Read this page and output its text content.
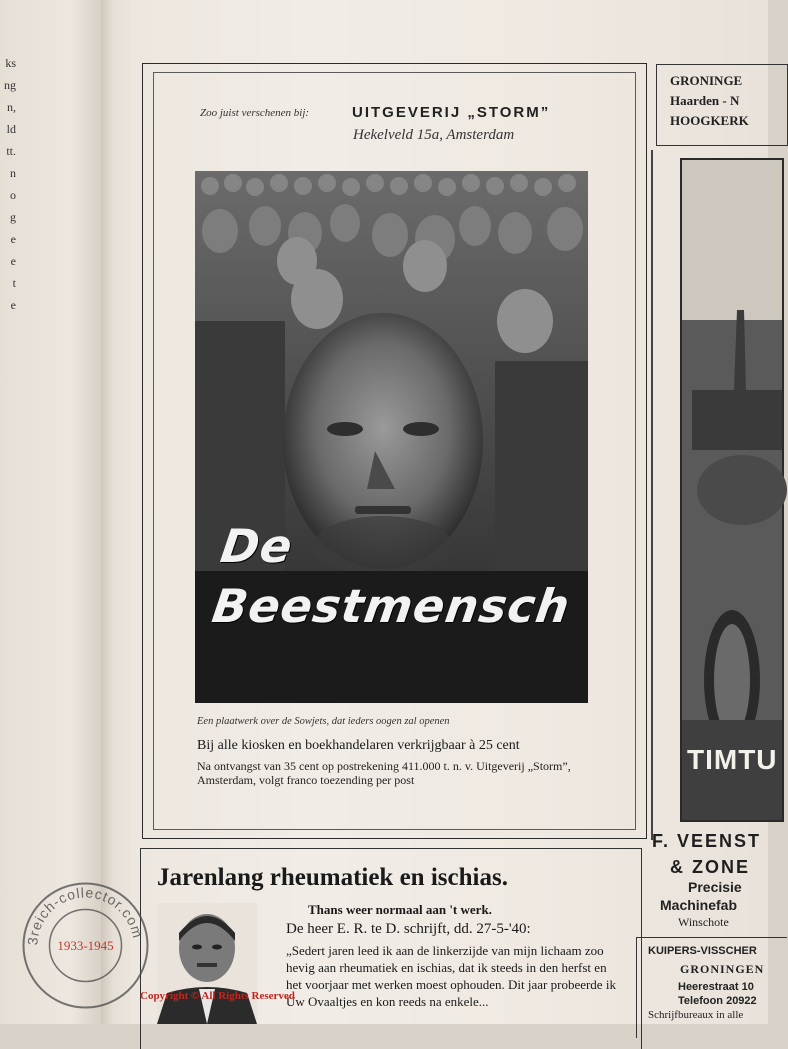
ks
ng
n,
ld
tt.
n
o
g
e
e
t
e
Zoo juist verschenen bij:	UITGEVERIJ „STORM”
Hekelveld 15a, Amsterdam
De
Beestmensch
Een plaatwerk over de Sowjets, dat ieders oogen zal openen
Bij alle kiosken en boekhandelaren verkrijgbaar à 25 cent
Na ontvangst van 35 cent op postrekening 411.000 t. n. v. Uitgeverij „Storm”, Amsterdam, volgt franco toezending per post
GRONINGE
Haarden - N
HOOGKERK
TIMTU
F. VEENST
& ZONE
Precisie
Machinefab
Winschote
KUIPERS-VISSCHER
GRONINGEN
Heerestraat 10
Telefoon 20922
Schrijfbureaux in alle
Jarenlang rheumatiek en ischias.
Thans weer normaal aan 't werk.
De heer E. R. te D. schrijft, dd. 27-5-'40:
„Sedert jaren leed ik aan de linkerzijde van mijn lichaam zoo hevig aan rheumatiek en ischias, dat ik steeds in den herfst en het voorjaar met werken moest ophouden. Dit jaar probeerde ik Uw Ovaaltjes en kon reeds na enkele...
3reich-collector.com
1933-1945
Copyright © All Rights Reserved
